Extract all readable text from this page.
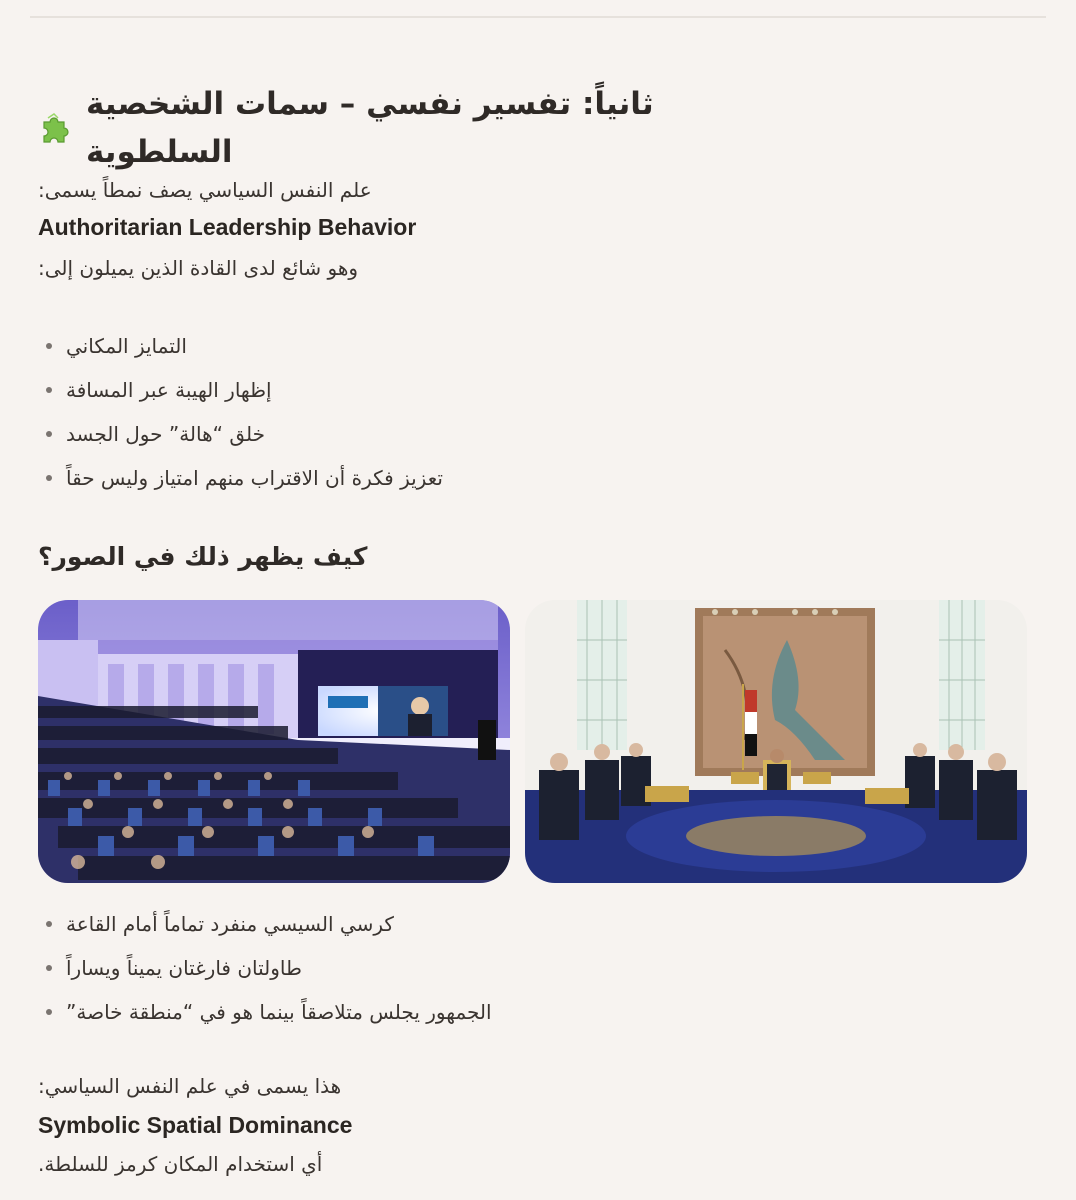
ثانياً: تفسير نفسي – سمات الشخصية السلطوية
علم النفس السياسي يصف نمطاً يسمى:
Authoritarian Leadership Behavior
وهو شائع لدى القادة الذين يميلون إلى:
التمايز المكاني
إظهار الهيبة عبر المسافة
خلق “هالة” حول الجسد
تعزيز فكرة أن الاقتراب منهم امتياز وليس حقاً
كيف يظهر ذلك في الصور؟
كرسي السيسي منفرد تماماً أمام القاعة
طاولتان فارغتان يميناً ويساراً
الجمهور يجلس متلاصقاً بينما هو في “منطقة خاصة”
هذا يسمى في علم النفس السياسي:
Symbolic Spatial Dominance
أي استخدام المكان كرمز للسلطة.
